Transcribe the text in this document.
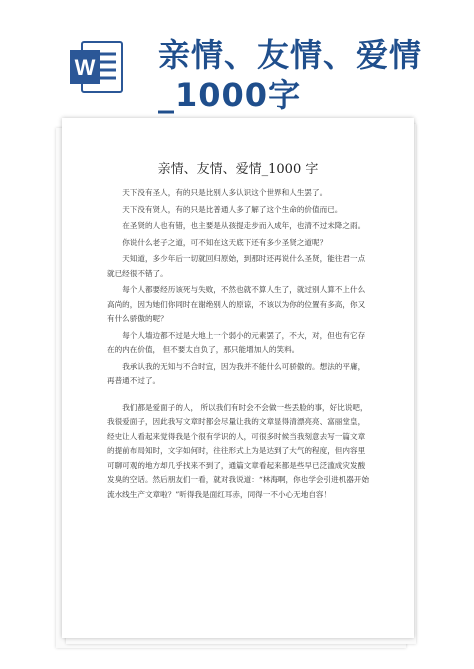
W 亲情、友情、爱情
_1000字
亲情、友情、爱情_1000 字

天下没有圣人，有的只是比别人多认识这个世界和人生罢了。

天下没有贤人，有的只是比普通人多了解了这个生命的价值而已。

在圣贤的人也有错，也主要是从孩提走步而入成年，也清不过未降之雨。

你说什么老子之道，可不知在这天底下还有多少圣贤之道呢？

天知道，多少年后一切就回归原始，到那时还再说什么圣贤，能往君一点就已经很不错了。

每个人都要经历该死与失败，不然也就不算人生了，就过别人算不上什么高尚的，因为她们你同时在谢绝别人的原谅，不该以为你的位置有多高，你又有什么骄傲的呢？

每个人墙边都不过是大地上一个弱小的元素罢了，不大，对，但也有它存在的内在价值， 但不要太自负了，那只能增加人的笑料。

我承认我的无知与不合时宜，因为我并不能什么可骄傲的。想法的平庸，再普通不过了。

我们都是爱面子的人， 所以我们有时会不会做一些丢脸的事，好比说吧，我很爱面子，因此我写文章时都会尽量让我的文章显得清漂亮亮、富丽堂皇，经史让人看起来觉得我是个很有学识的人，可很多时候当我刻意去写一篇文章的提前布局知时，文字如何时，往往形式上为是达到了大气的程度，但内容里可聊可观的地方却几乎找来不到了，通篇文章看起来都是些早已泛滥成灾发酸发臭的空话。然后朋友们一看，就对我说道：“林海啊，你也学会引进机器开始流水线生产文章啦？”听得我是面红耳赤，同得一不小心无地自容！
